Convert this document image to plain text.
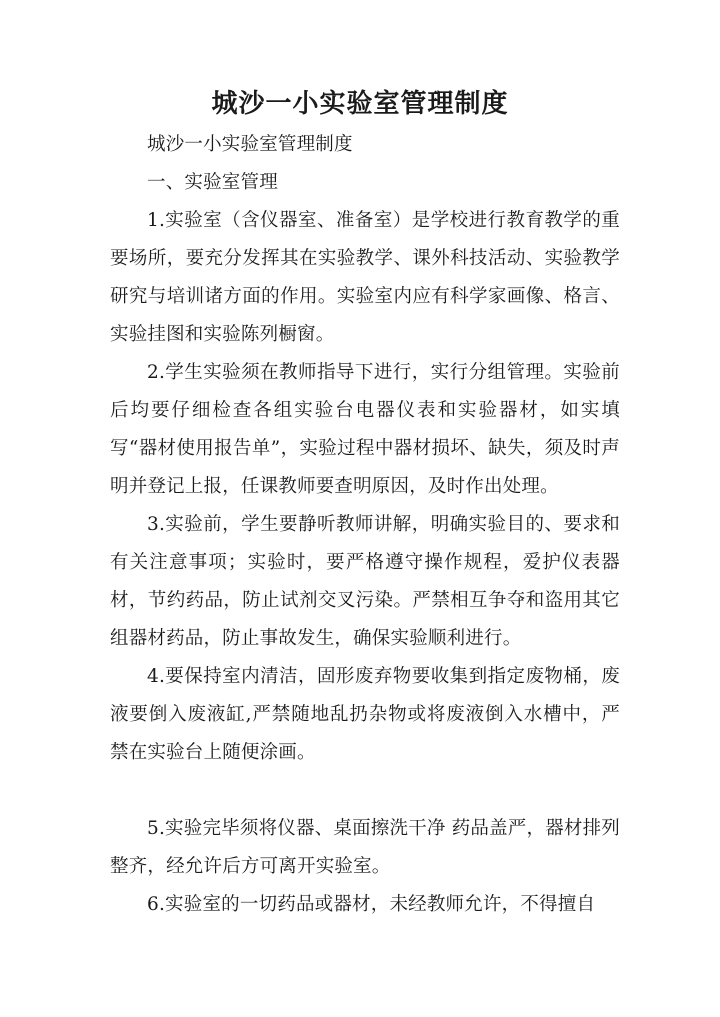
城沙一小实验室管理制度

城沙一小实验室管理制度

一、实验室管理

1.实验室（含仪器室、准备室）是学校进行教育教学的重要场所，要充分发挥其在实验教学、课外科技活动、实验教学研究与培训诸方面的作用。实验室内应有科学家画像、格言、实验挂图和实验陈列橱窗。

2.学生实验须在教师指导下进行，实行分组管理。实验前后均要仔细检查各组实验台电器仪表和实验器材，如实填写“器材使用报告单”，实验过程中器材损坏、缺失，须及时声明并登记上报，任课教师要查明原因，及时作出处理。

3.实验前，学生要静听教师讲解，明确实验目的、要求和有关注意事项；实验时，要严格遵守操作规程，爱护仪表器材，节约药品，防止试剂交叉污染。严禁相互争夺和盗用其它组器材药品，防止事故发生，确保实验顺利进行。

4.要保持室内清洁，固形废弃物要收集到指定废物桶，废液要倒入废液缸,严禁随地乱扔杂物或将废液倒入水槽中，严禁在实验台上随便涂画。

5.实验完毕须将仪器、桌面擦洗干净 药品盖严，器材排列整齐，经允许后方可离开实验室。

6.实验室的一切药品或器材，未经教师允许，不得擅自
